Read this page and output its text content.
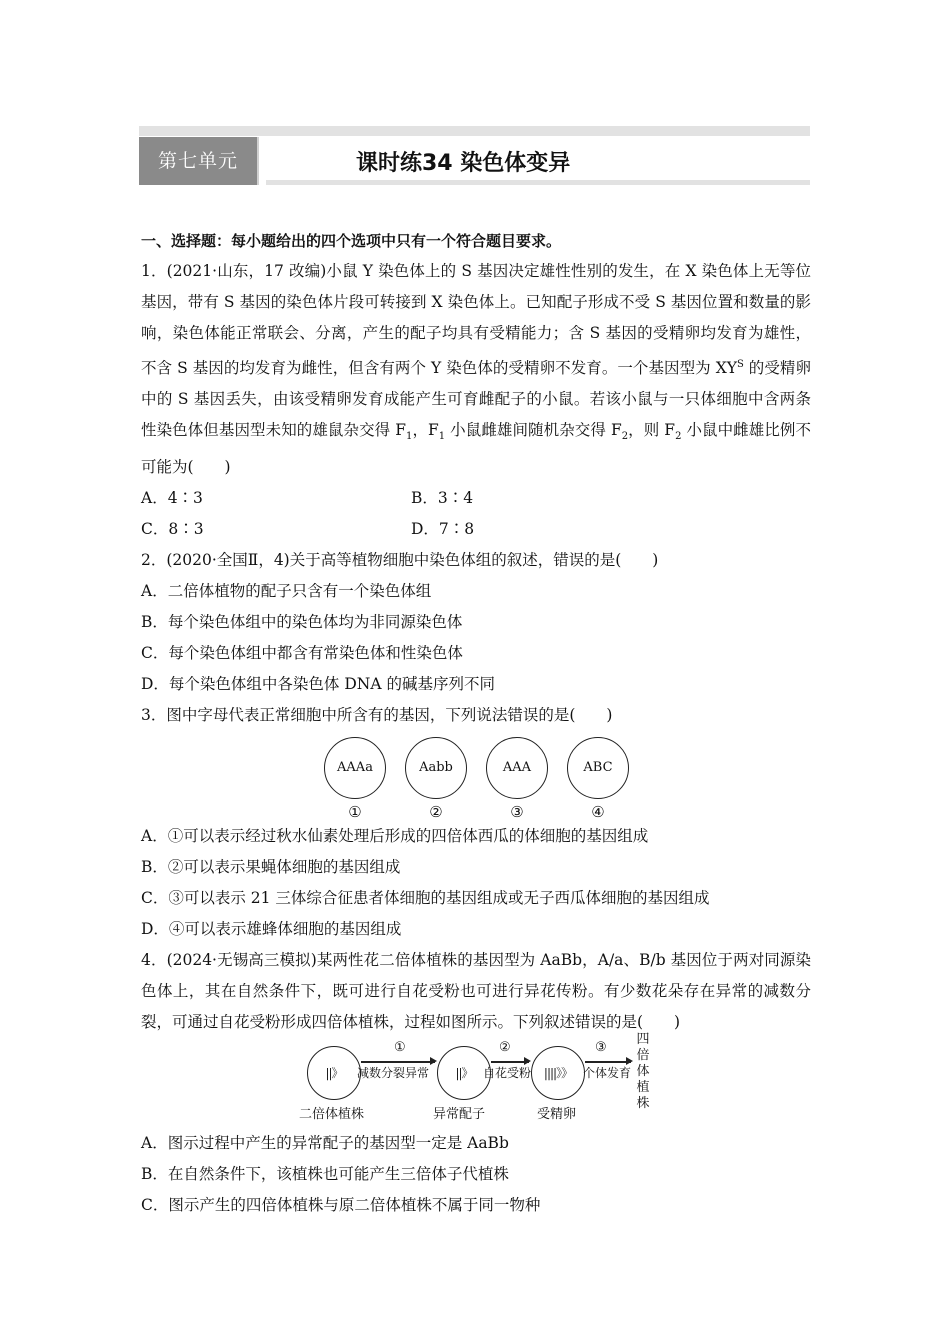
第七单元	课时练34 染色体变异

一、选择题：每小题给出的四个选项中只有一个符合题目要求。

1．(2021·山东，17 改编)小鼠 Y 染色体上的 S 基因决定雄性性别的发生，在 X 染色体上无等位基因，带有 S 基因的染色体片段可转接到 X 染色体上。已知配子形成不受 S 基因位置和数量的影响，染色体能正常联会、分离，产生的配子均具有受精能力；含 S 基因的受精卵均发育为雄性，不含 S 基因的均发育为雌性，但含有两个 Y 染色体的受精卵不发育。一个基因型为 $XY^S$ 的受精卵中的 S 基因丢失，由该受精卵发育成能产生可育雌配子的小鼠。若该小鼠与一只体细胞中含两条性染色体但基因型未知的雄鼠杂交得 $F_1$，$F_1$ 小鼠雌雄间随机杂交得 $F_2$，则 $F_2$ 小鼠中雌雄比例不可能为(　　)

A．4∶3	B．3∶4
C．8∶3	D．7∶8

2．(2020·全国Ⅱ，4)关于高等植物细胞中染色体组的叙述，错误的是(　　)

A．二倍体植物的配子只含有一个染色体组

B．每个染色体组中的染色体均为非同源染色体

C．每个染色体组中都含有常染色体和性染色体

D．每个染色体组中各染色体 DNA 的碱基序列不同

3．图中字母代表正常细胞中所含有的基因，下列说法错误的是(　　)

AAAa
①
Aabb
②
AAA
③
ABC
④

A．①可以表示经过秋水仙素处理后形成的四倍体西瓜的体细胞的基因组成

B．②可以表示果蝇体细胞的基因组成

C．③可以表示 21 三体综合征患者体细胞的基因组成或无子西瓜体细胞的基因组成

D．④可以表示雄蜂体细胞的基因组成

4．(2024·无锡高三模拟)某两性花二倍体植株的基因型为 AaBb，A/a、B/b 基因位于两对同源染色体上，其在自然条件下，既可进行自花受粉也可进行异花传粉。有少数花朵存在异常的减数分裂，可通过自花受粉形成四倍体植株，过程如图所示。下列叙述错误的是(　　)

||》
二倍体植株
①
减数分裂异常	||》
异常配子
②
自花受粉	||||》》
受精卵
③
个体发育
四
倍
体
植
株

A．图示过程中产生的异常配子的基因型一定是 AaBb

B．在自然条件下，该植株也可能产生三倍体子代植株

C．图示产生的四倍体植株与原二倍体植株不属于同一物种
